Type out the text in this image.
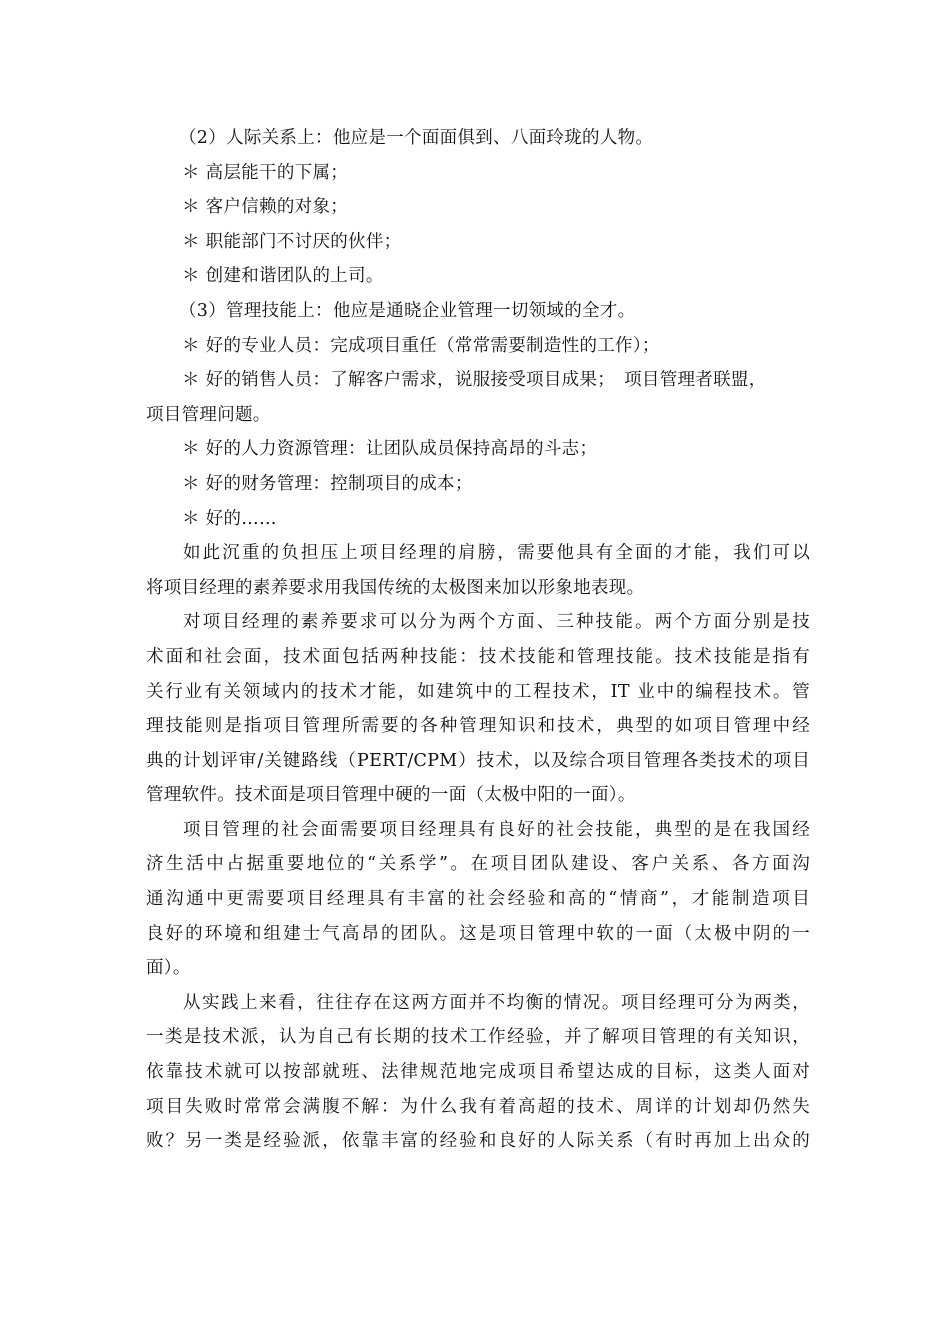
（2）人际关系上：他应是一个面面俱到、八面玲珑的人物。
＊ 高层能干的下属；
＊ 客户信赖的对象；
＊ 职能部门不讨厌的伙伴；
＊ 创建和谐团队的上司。
（3）管理技能上：他应是通晓企业管理一切领域的全才。
＊ 好的专业人员：完成项目重任（常常需要制造性的工作）；
＊ 好的销售人员：了解客户需求，说服接受项目成果；　项目管理者联盟，
项目管理问题。
＊ 好的人力资源管理：让团队成员保持高昂的斗志；
＊ 好的财务管理：控制项目的成本；
＊ 好的……
如此沉重的负担压上项目经理的肩膀，需要他具有全面的才能，我们可以
将项目经理的素养要求用我国传统的太极图来加以形象地表现。
对项目经理的素养要求可以分为两个方面、三种技能。两个方面分别是技
术面和社会面，技术面包括两种技能：技术技能和管理技能。技术技能是指有
关行业有关领域内的技术才能，如建筑中的工程技术，IT 业中的编程技术。管
理技能则是指项目管理所需要的各种管理知识和技术，典型的如项目管理中经
典的计划评审/关键路线（PERT/CPM）技术，以及综合项目管理各类技术的项目
管理软件。技术面是项目管理中硬的一面（太极中阳的一面）。
项目管理的社会面需要项目经理具有良好的社会技能，典型的是在我国经
济生活中占据重要地位的“关系学”。在项目团队建设、客户关系、各方面沟
通沟通中更需要项目经理具有丰富的社会经验和高的“情商”，才能制造项目
良好的环境和组建士气高昂的团队。这是项目管理中软的一面（太极中阴的一
面）。
从实践上来看，往往存在这两方面并不均衡的情况。项目经理可分为两类，
一类是技术派，认为自己有长期的技术工作经验，并了解项目管理的有关知识，
依靠技术就可以按部就班、法律规范地完成项目希望达成的目标，这类人面对
项目失败时常常会满腹不解：为什么我有着高超的技术、周详的计划却仍然失
败？另一类是经验派，依靠丰富的经验和良好的人际关系（有时再加上出众的
